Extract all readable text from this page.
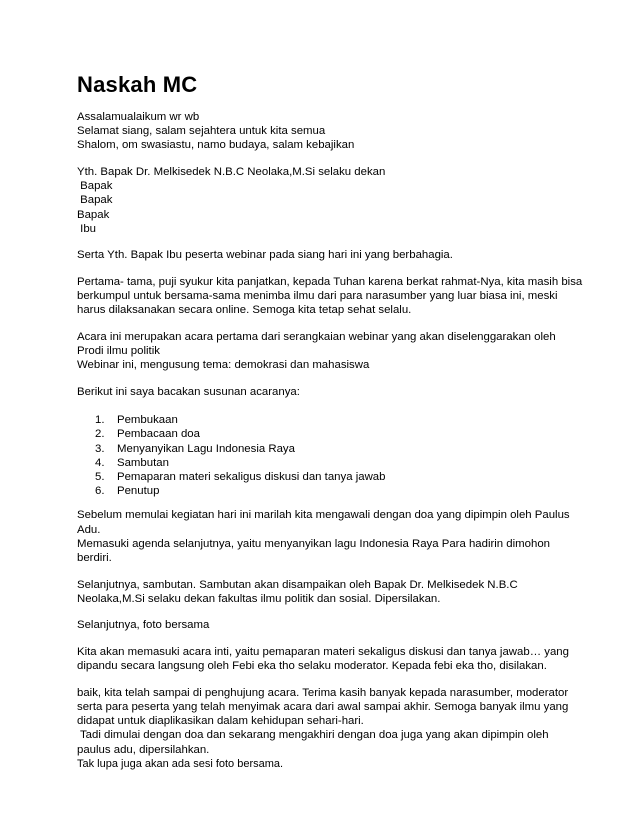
Naskah MC
Assalamualaikum wr wb
Selamat siang, salam sejahtera untuk kita semua
Shalom, om swasiastu, namo budaya, salam kebajikan
Yth. Bapak Dr. Melkisedek N.B.C Neolaka,M.Si selaku dekan
Bapak
Bapak
Bapak
Ibu
Serta Yth. Bapak Ibu peserta webinar pada siang hari ini yang berbahagia.
Pertama- tama, puji syukur kita panjatkan, kepada Tuhan karena berkat rahmat-Nya, kita masih bisa
berkumpul untuk bersama-sama menimba ilmu dari para narasumber yang luar biasa ini, meski
harus dilaksanakan secara online. Semoga kita tetap sehat selalu.
Acara ini merupakan acara pertama dari serangkaian webinar yang akan diselenggarakan oleh
Prodi ilmu politik
Webinar ini, mengusung tema: demokrasi dan mahasiswa
Berikut ini saya bacakan susunan acaranya:
1. Pembukaan
2. Pembacaan doa
3. Menyanyikan Lagu Indonesia Raya
4. Sambutan
5. Pemaparan materi sekaligus diskusi dan tanya jawab
6. Penutup
Sebelum memulai kegiatan hari ini marilah kita mengawali dengan doa yang dipimpin oleh Paulus
Adu.
Memasuki agenda selanjutnya, yaitu menyanyikan lagu Indonesia Raya Para hadirin dimohon
berdiri.
Selanjutnya, sambutan. Sambutan akan disampaikan oleh Bapak Dr. Melkisedek N.B.C
Neolaka,M.Si selaku dekan fakultas ilmu politik dan sosial. Dipersilakan.
Selanjutnya, foto bersama
Kita akan memasuki acara inti, yaitu pemaparan materi sekaligus diskusi dan tanya jawab… yang
dipandu secara langsung oleh Febi eka tho selaku moderator. Kepada febi eka tho, disilakan.
baik, kita telah sampai di penghujung acara. Terima kasih banyak kepada narasumber, moderator
serta para peserta yang telah menyimak acara dari awal sampai akhir. Semoga banyak ilmu yang
didapat untuk diaplikasikan dalam kehidupan sehari-hari.
Tadi dimulai dengan doa dan sekarang mengakhiri dengan doa juga yang akan dipimpin oleh
paulus adu, dipersilahkan.
Tak lupa juga akan ada sesi foto bersama.
